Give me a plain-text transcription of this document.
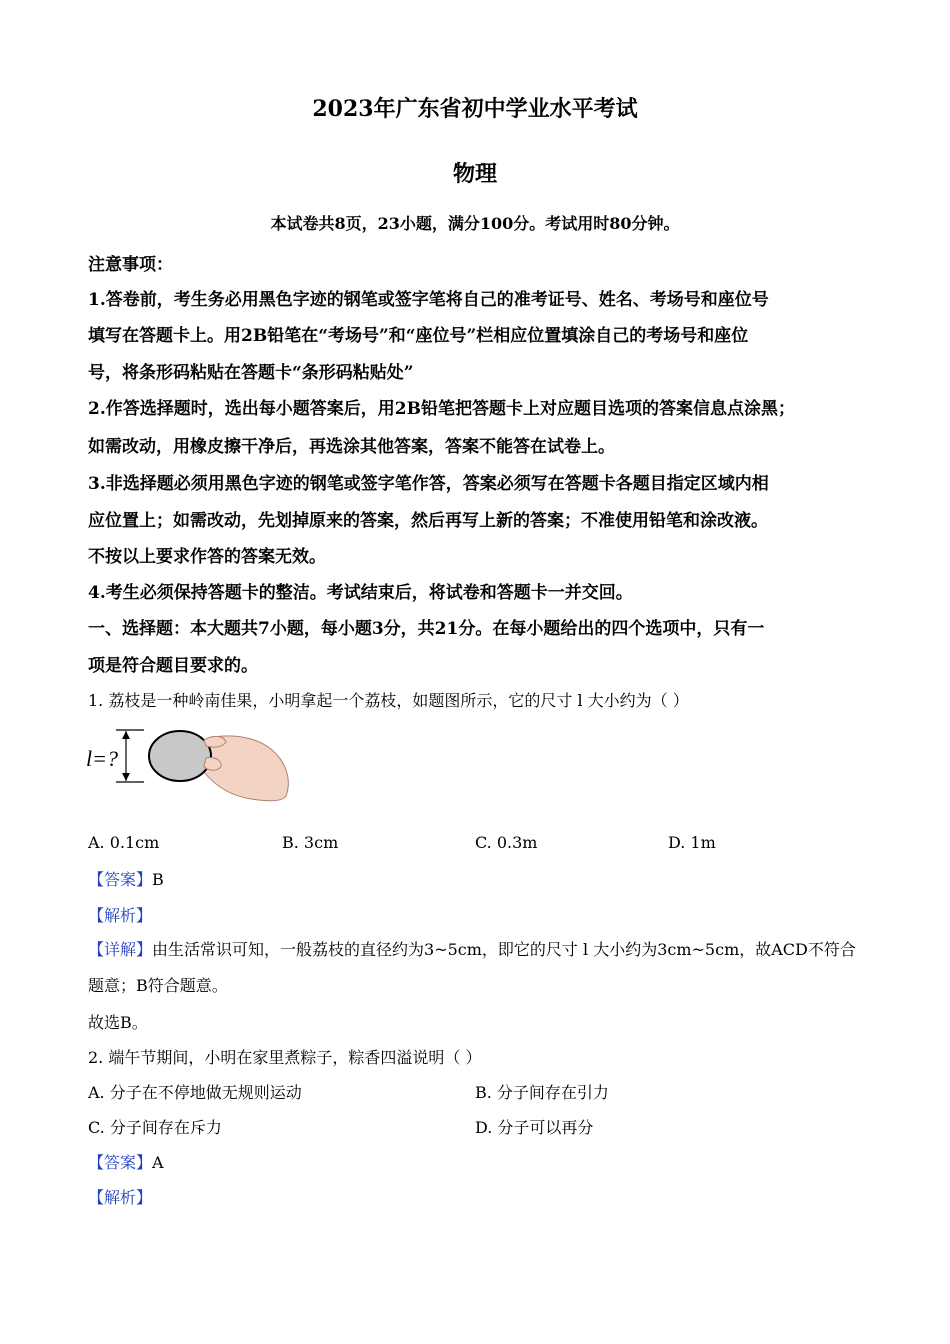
2023年广东省初中学业水平考试
物理
本试卷共8页，23小题，满分100分。考试用时80分钟。
注意事项：
1.答卷前，考生务必用黑色字迹的钢笔或签字笔将自己的准考证号、姓名、考场号和座位号
填写在答题卡上。用2B铅笔在“考场号”和“座位号”栏相应位置填涂自己的考场号和座位
号，将条形码粘贴在答题卡“条形码粘贴处”
2.作答选择题时，选出每小题答案后，用2B铅笔把答题卡上对应题目选项的答案信息点涂黑；
如需改动，用橡皮擦干净后，再选涂其他答案，答案不能答在试卷上。
3.非选择题必须用黑色字迹的钢笔或签字笔作答，答案必须写在答题卡各题目指定区域内相
应位置上；如需改动，先划掉原来的答案，然后再写上新的答案；不准使用铅笔和涂改液。
不按以上要求作答的答案无效。
4.考生必须保持答题卡的整洁。考试结束后，将试卷和答题卡一并交回。
一、选择题：本大题共7小题，每小题3分，共21分。在每小题给出的四个选项中，只有一
项是符合题目要求的。
1. 荔枝是一种岭南佳果，小明拿起一个荔枝，如题图所示，它的尺寸 l 大小约为（ ）
l=?
A. 0.1cm	B. 3cm	C. 0.3m	D. 1m
【答案】B
【解析】
【详解】由生活常识可知，一般荔枝的直径约为3~5cm，即它的尺寸 l 大小约为3cm~5cm，故ACD不符合
题意；B符合题意。
故选B。
2. 端午节期间，小明在家里煮粽子，粽香四溢说明（ ）
A. 分子在不停地做无规则运动	B. 分子间存在引力
C. 分子间存在斥力	D. 分子可以再分
【答案】A
【解析】
